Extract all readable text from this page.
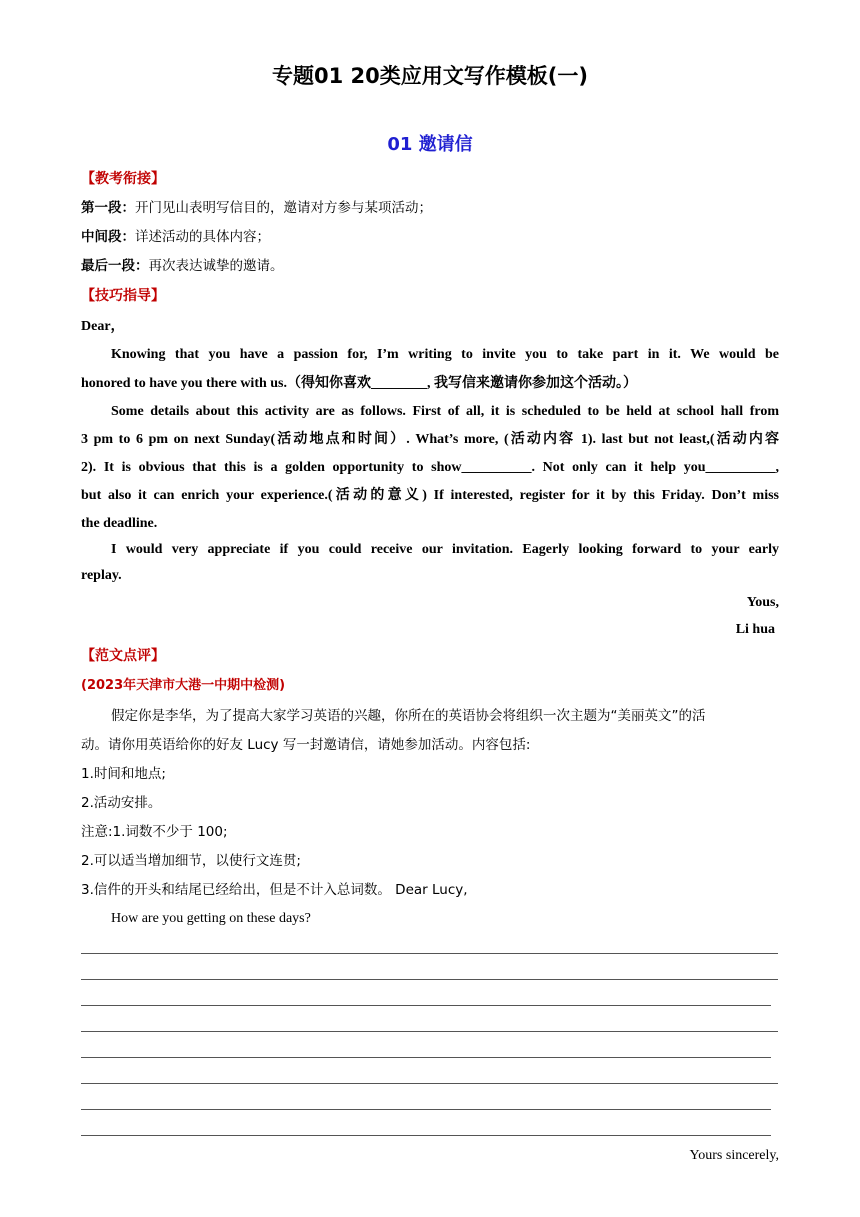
专题01 20类应用文写作模板(一)
01 邀请信
【教考衔接】
第一段：开门见山表明写信目的，邀请对方参与某项活动；
中间段：详述活动的具体内容；
最后一段：再次表达诚挚的邀请。
【技巧指导】
Dear，
Knowing that you have a passion for, I’m writing to invite you to take part in it. We would be
honored to have you there with us.（得知你喜欢________, 我写信来邀请你参加这个活动。）
Some details about this activity are as follows. First of all, it is scheduled to be held at school hall from
3 pm to 6 pm on next Sunday(活动地点和时间）. What’s more, (活动内容 1). last but not least,(活动内容
2). It is obvious that this is a golden opportunity to show__________. Not only can it help you__________,
but also it can enrich your experience.(活动的意义) If interested, register for it by this Friday. Don’t miss
the deadline.
I would very appreciate if you could receive our invitation. Eagerly looking forward to your early
replay.
Yous,
Li hua
【范文点评】
(2023年天津市大港一中期中检测)
假定你是李华，为了提高大家学习英语的兴趣，你所在的英语协会将组织一次主题为“美丽英文”的活
动。请你用英语给你的好友 Lucy 写一封邀请信，请她参加活动。内容包括:
1.时间和地点;
2.活动安排。
注意:1.词数不少于 100;
2.可以适当增加细节，以使行文连贯;
3.信件的开头和结尾已经给出，但是不计入总词数。 Dear Lucy,
How are you getting on these days?
Yours sincerely,
